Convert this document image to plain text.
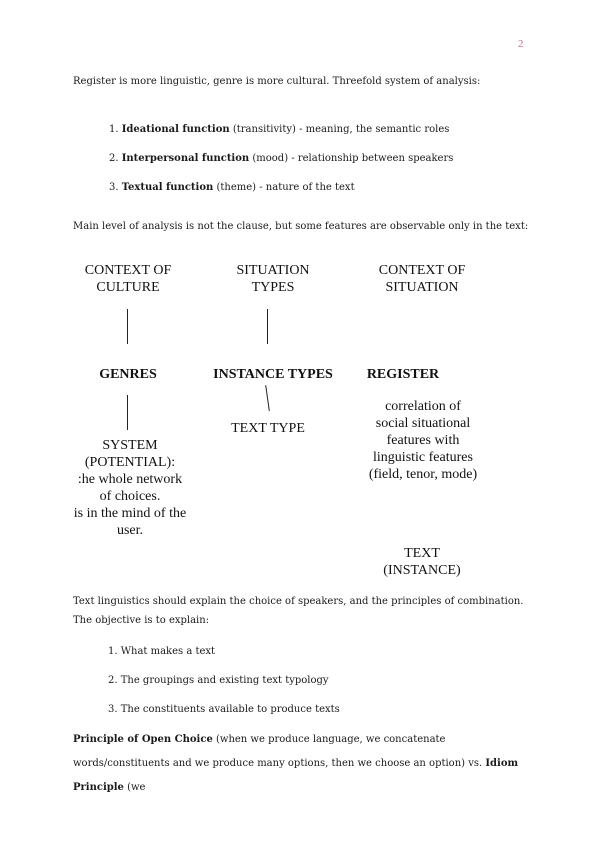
2
Register is more linguistic, genre is more cultural. Threefold system of analysis:
1. Ideational function (transitivity) - meaning, the semantic roles
2. Interpersonal function (mood) - relationship between speakers
3. Textual function (theme) - nature of the text
Main level of analysis is not the clause, but some features are observable only in the text:
CONTEXT OF
CULTURE
SITUATION
TYPES
CONTEXT OF
SITUATION
GENRES	INSTANCE TYPES	REGISTER
TEXT TYPE
SYSTEM
(POTENTIAL):
:he whole network
of choices.
is in the mind of the
user.
correlation of
social situational
features with
linguistic features
(field, tenor, mode)
TEXT
(INSTANCE)
Text linguistics should explain the choice of speakers, and the principles of combination. The objective is to explain:
1. What makes a text
2. The groupings and existing text typology
3. The constituents available to produce texts
Principle of Open Choice (when we produce language, we concatenate words/constituents and we produce many options, then we choose an option) vs. Idiom Principle (we
